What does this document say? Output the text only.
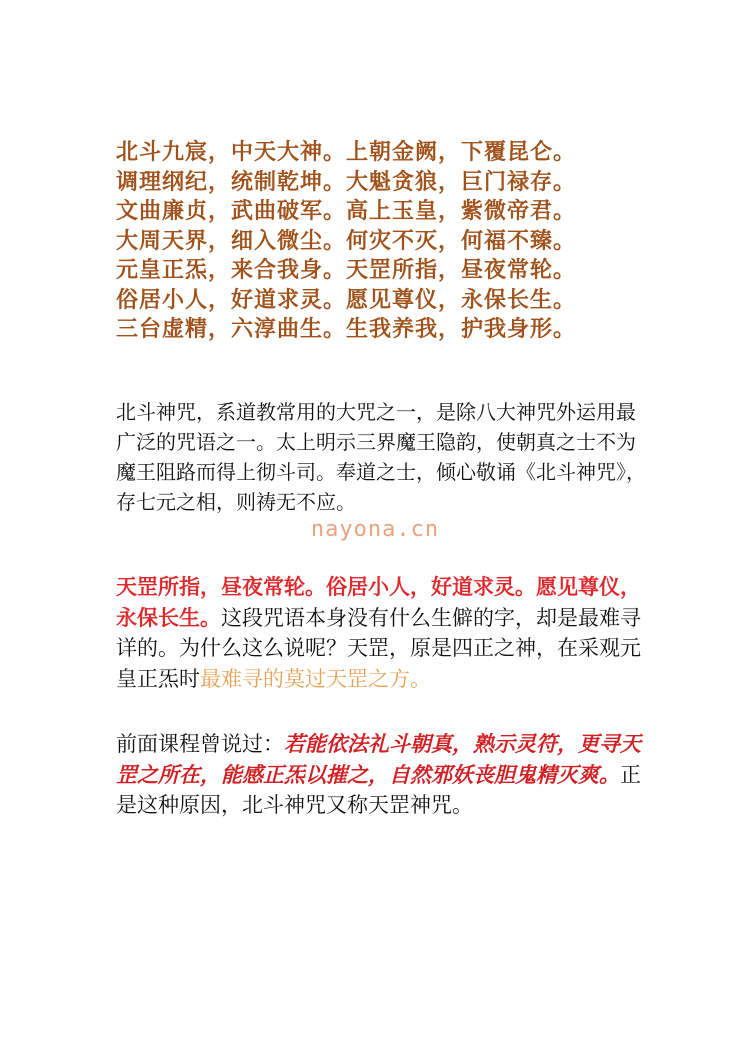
北斗九宸，中天大神。上朝金阙，下覆昆仑。
调理纲纪，统制乾坤。大魁贪狼，巨门禄存。
文曲廉贞，武曲破军。高上玉皇，紫微帝君。
大周天界，细入微尘。何灾不灭，何福不臻。
元皇正炁，来合我身。天罡所指，昼夜常轮。
俗居小人，好道求灵。愿见尊仪，永保长生。
三台虚精，六淳曲生。生我养我，护我身形。
北斗神咒，系道教常用的大咒之一，是除八大神咒外运用最广泛的咒语之一。太上明示三界魔王隐韵，使朝真之士不为魔王阻路而得上彻斗司。奉道之士，倾心敬诵《北斗神咒》，存七元之相，则祷无不应。
nayona.cn
天罡所指，昼夜常轮。俗居小人，好道求灵。愿见尊仪，永保长生。这段咒语本身没有什么生僻的字，却是最难寻详的。为什么这么说呢？天罡，原是四正之神，在采观元皇正炁时最难寻的莫过天罡之方。
前面课程曾说过：若能依法礼斗朝真，熟示灵符，更寻天罡之所在，能感正炁以摧之，自然邪妖丧胆鬼精灭爽。正是这种原因，北斗神咒又称天罡神咒。
